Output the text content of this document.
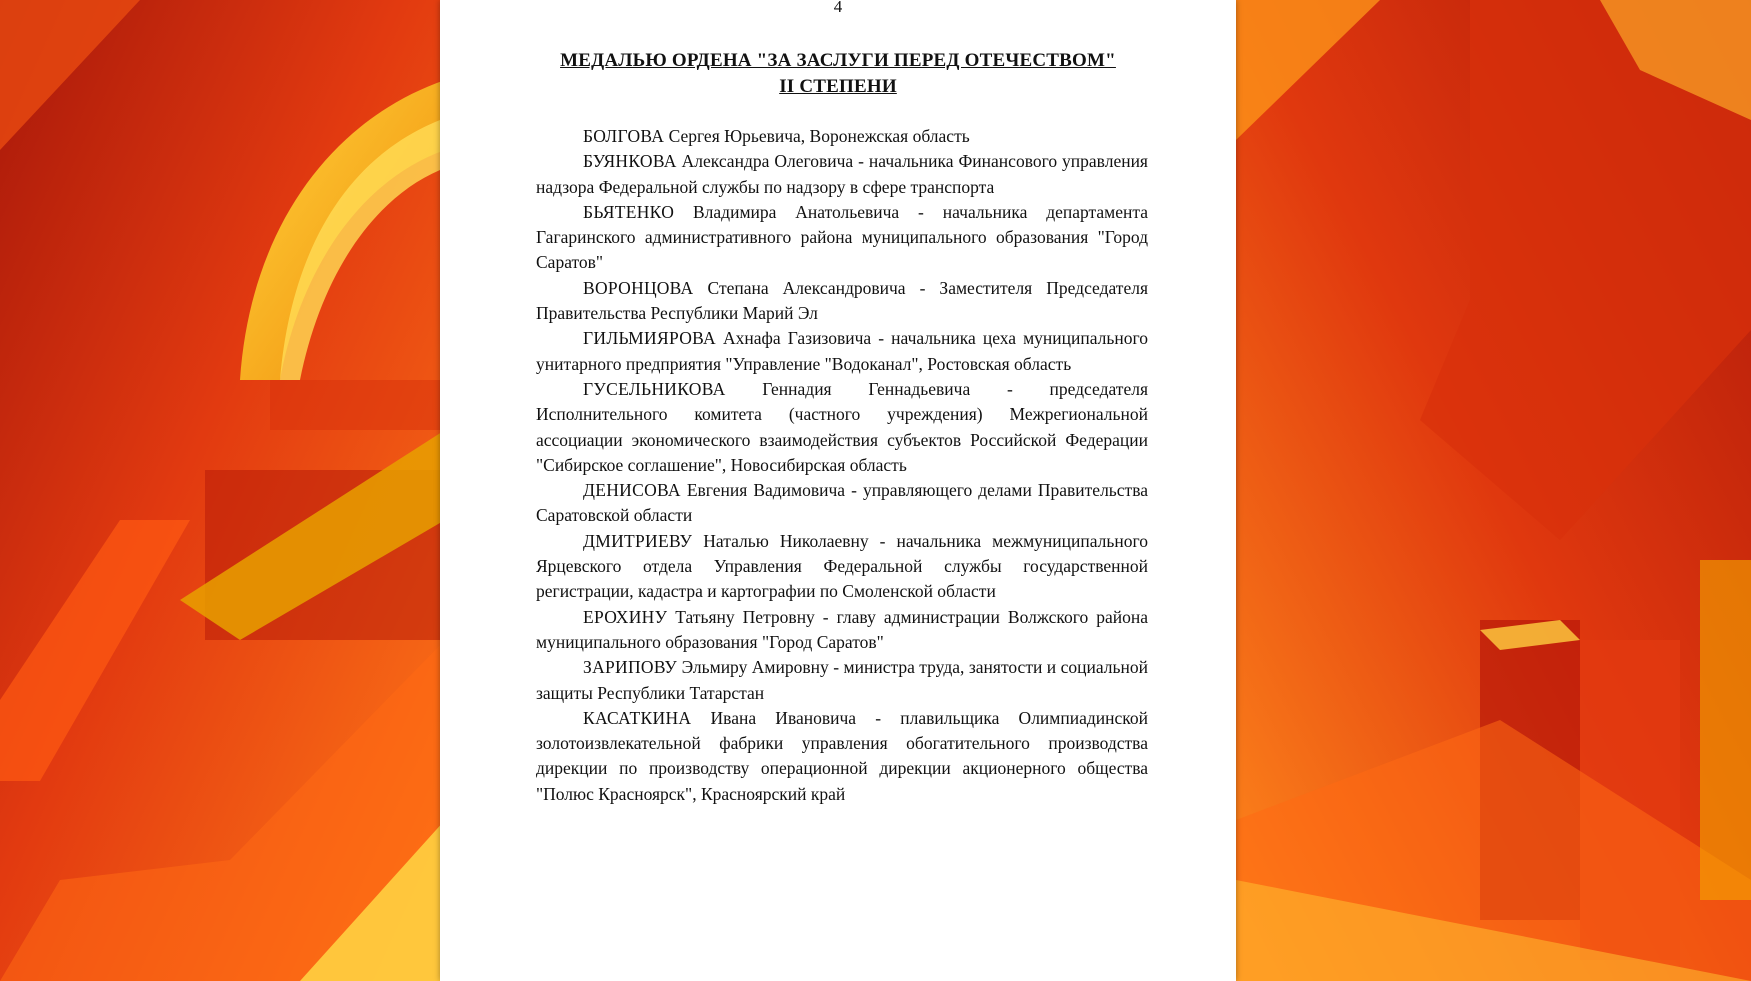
4
МЕДАЛЬЮ ОРДЕНА "ЗА ЗАСЛУГИ ПЕРЕД ОТЕЧЕСТВОМ"
II СТЕПЕНИ

БОЛГОВА Сергея Юрьевича, Воронежская область

БУЯНКОВА Александра Олеговича - начальника Финансового управления надзора Федеральной службы по надзору в сфере транспорта

БЬЯТЕНКО Владимира Анатольевича - начальника департамента Гагаринского административного района муниципального образования "Город Саратов"

ВОРОНЦОВА Степана Александровича - Заместителя Председателя Правительства Республики Марий Эл

ГИЛЬМИЯРОВА Ахнафа Газизовича - начальника цеха муниципального унитарного предприятия "Управление "Водоканал", Ростовская область

ГУСЕЛЬНИКОВА Геннадия Геннадьевича - председателя Исполнительного комитета (частного учреждения) Межрегиональной ассоциации экономического взаимодействия субъектов Российской Федерации "Сибирское соглашение", Новосибирская область

ДЕНИСОВА Евгения Вадимовича - управляющего делами Правительства Саратовской области

ДМИТРИЕВУ Наталью Николаевну - начальника межмуниципального Ярцевского отдела Управления Федеральной службы государственной регистрации, кадастра и картографии по Смоленской области

ЕРОХИНУ Татьяну Петровну - главу администрации Волжского района муниципального образования "Город Саратов"

ЗАРИПОВУ Эльмиру Амировну - министра труда, занятости и социальной защиты Республики Татарстан

КАСАТКИНА Ивана Ивановича - плавильщика Олимпиадинской золотоизвлекательной фабрики управления обогатительного производства дирекции по производству операционной дирекции акционерного общества "Полюс Красноярск", Красноярский край
